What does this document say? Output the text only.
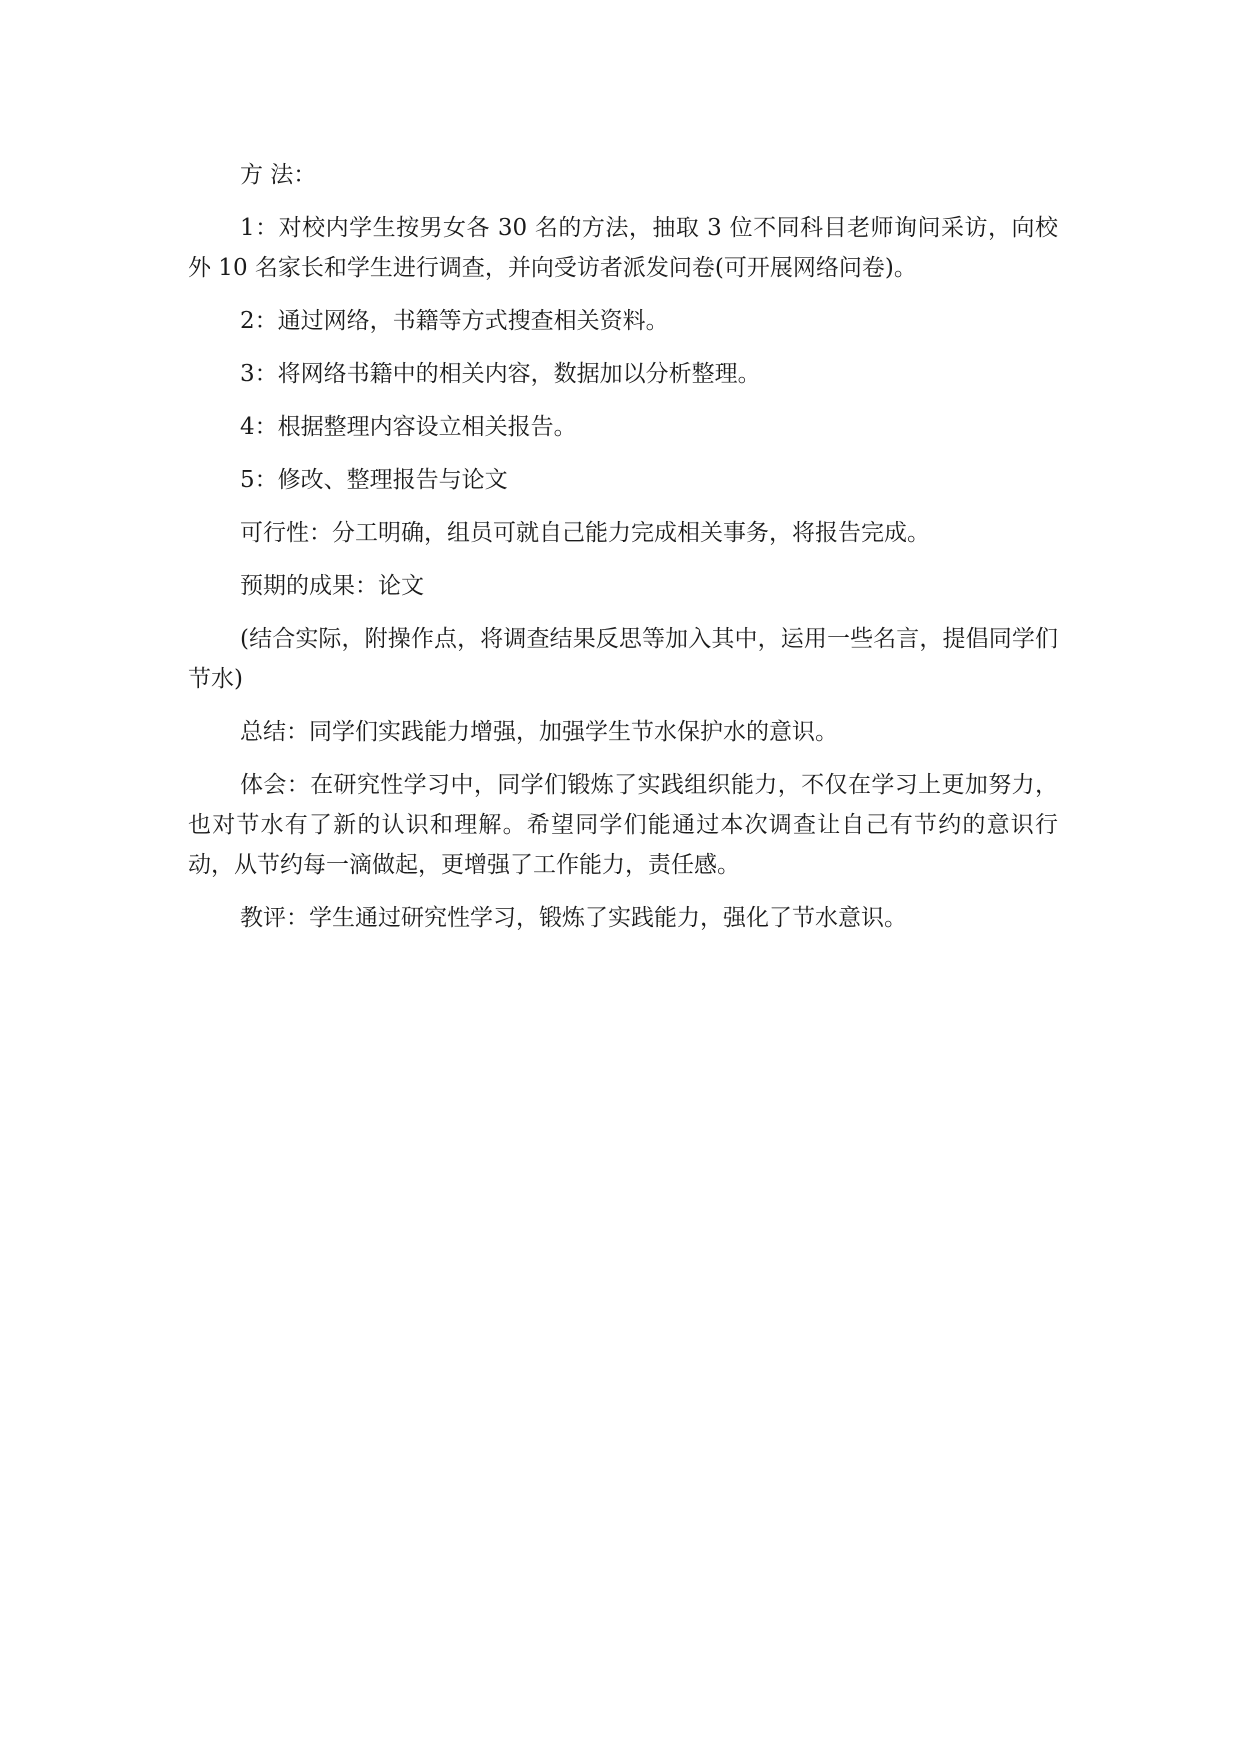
方 法：

1：对校内学生按男女各 30 名的方法，抽取 3 位不同科目老师询问采访，向校外 10 名家长和学生进行调查，并向受访者派发问卷(可开展网络问卷)。

2：通过网络，书籍等方式搜查相关资料。

3：将网络书籍中的相关内容，数据加以分析整理。

4：根据整理内容设立相关报告。

5：修改、整理报告与论文

可行性：分工明确，组员可就自己能力完成相关事务，将报告完成。

预期的成果：论文

(结合实际，附操作点，将调查结果反思等加入其中，运用一些名言，提倡同学们节水)

总结：同学们实践能力增强，加强学生节水保护水的意识。

体会：在研究性学习中，同学们锻炼了实践组织能力，不仅在学习上更加努力，也对节水有了新的认识和理解。希望同学们能通过本次调查让自己有节约的意识行动，从节约每一滴做起，更增强了工作能力，责任感。

教评：学生通过研究性学习，锻炼了实践能力，强化了节水意识。
